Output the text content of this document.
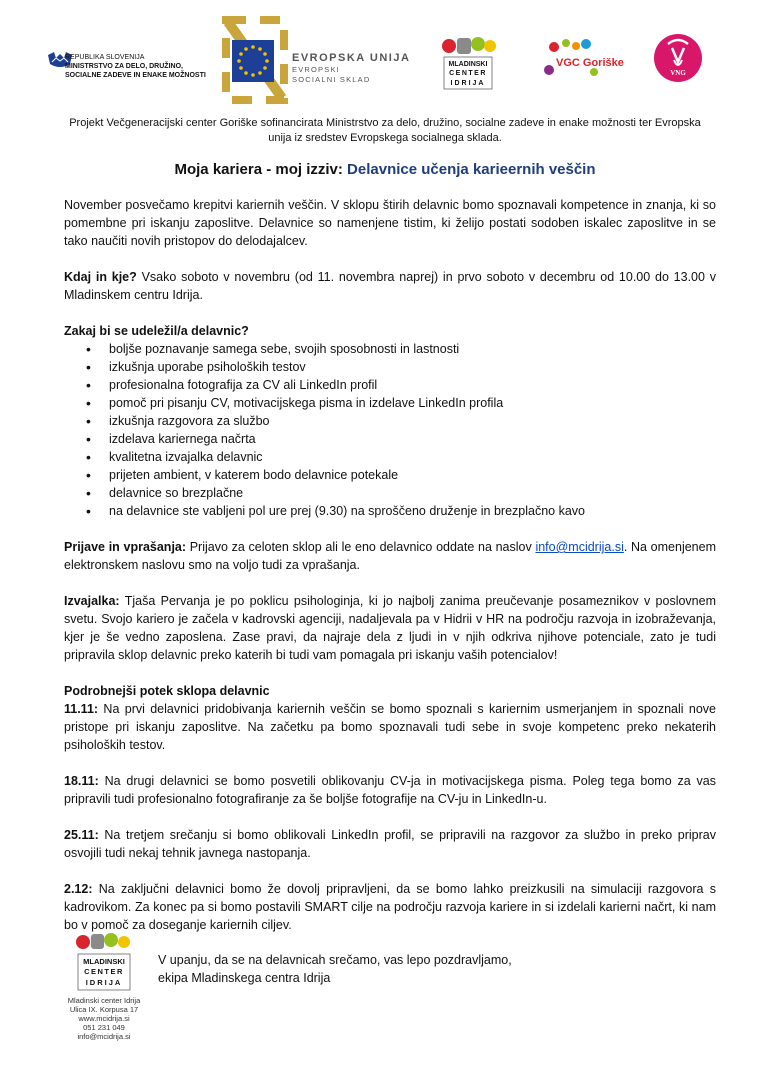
REPUBLIKA SLOVENIJA
MINISTRSTVO ZA DELO, DRUŽINO,
SOCIALNE ZADEVE IN ENAKE MOŽNOSTI
EVROPSKA UNIJA
EVROPSKI
SOCIALNI SKLAD
MLADINSKI
CENTER
IDRIJA
VGC Goriške
VNG
Projekt Večgeneracijski center Goriške sofinancirata Ministrstvo za delo, družino, socialne zadeve in enake možnosti ter Evropska unija iz sredstev Evropskega socialnega sklada.
Moja kariera - moj izziv: Delavnice učenja karieernih veščin

November posvečamo krepitvi kariernih veščin. V sklopu štirih delavnic bomo spoznavali kompetence in znanja, ki so pomembne pri iskanju zaposlitve. Delavnice so namenjene tistim, ki želijo postati sodoben iskalec zaposlitve in se tako naučiti novih pristopov do delodajalcev.

Kdaj in kje? Vsako soboto v novembru (od 11. novembra naprej) in prvo soboto v decembru od 10.00 do 13.00 v Mladinskem centru Idrija.

Zakaj bi se udeležil/a delavnic?

• boljše poznavanje samega sebe, svojih sposobnosti in lastnosti
• izkušnja uporabe psiholoških testov
• profesionalna fotografija za CV ali LinkedIn profil
• pomoč pri pisanju CV, motivacijskega pisma in izdelave LinkedIn profila
• izkušnja razgovora za službo
• izdelava kariernega načrta
• kvalitetna izvajalka delavnic
• prijeten ambient, v katerem bodo delavnice potekale
• delavnice so brezplačne
• na delavnice ste vabljeni pol ure prej (9.30) na sproščeno druženje in brezplačno kavo

Prijave in vprašanja: Prijavo za celoten sklop ali le eno delavnico oddate na naslov info@mcidrija.si. Na omenjenem elektronskem naslovu smo na voljo tudi za vprašanja.

Izvajalka: Tjaša Pervanja je po poklicu psihologinja, ki jo najbolj zanima preučevanje posameznikov v poslovnem svetu. Svojo kariero je začela v kadrovski agenciji, nadaljevala pa v Hidrii v HR na področju razvoja in izobraževanja, kjer je še vedno zaposlena. Zase pravi, da najraje dela z ljudi in v njih odkriva njihove potenciale, zato je tudi pripravila sklop delavnic preko katerih bi tudi vam pomagala pri iskanju vaših potencialov!

Podrobnejši potek sklopa delavnic

11.11: Na prvi delavnici pridobivanja kariernih veščin se bomo spoznali s kariernim usmerjanjem in spoznali nove pristope pri iskanju zaposlitve. Na začetku pa bomo spoznavali tudi sebe in svoje kompetenc preko nekaterih psiholoških testov.

18.11: Na drugi delavnici se bomo posvetili oblikovanju CV-ja in motivacijskega pisma. Poleg tega bomo za vas pripravili tudi profesionalno fotografiranje za še boljše fotografije na CV-ju in LinkedIn-u.

25.11: Na tretjem srečanju si bomo oblikovali LinkedIn profil, se pripravili na razgovor za službo in preko priprav osvojili tudi nekaj tehnik javnega nastopanja.

2.12: Na zaključni delavnici bomo že dovolj pripravljeni, da se bomo lahko preizkusili na simulaciji razgovora s kadrovikom. Za konec pa si bomo postavili SMART cilje na področju razvoja kariere in si izdelali karierni načrt, ki nam bo v pomoč za doseganje kariernih ciljev.

MLADINSKI
CENTER
IDRIJA
Mladinski center Idrija
Ulica IX. Korpusa 17
www.mcidrija.si
051 231 049
info@mcidrija.si
V upanju, da se na delavnicah srečamo, vas lepo pozdravljamo,
ekipa Mladinskega centra Idrija
